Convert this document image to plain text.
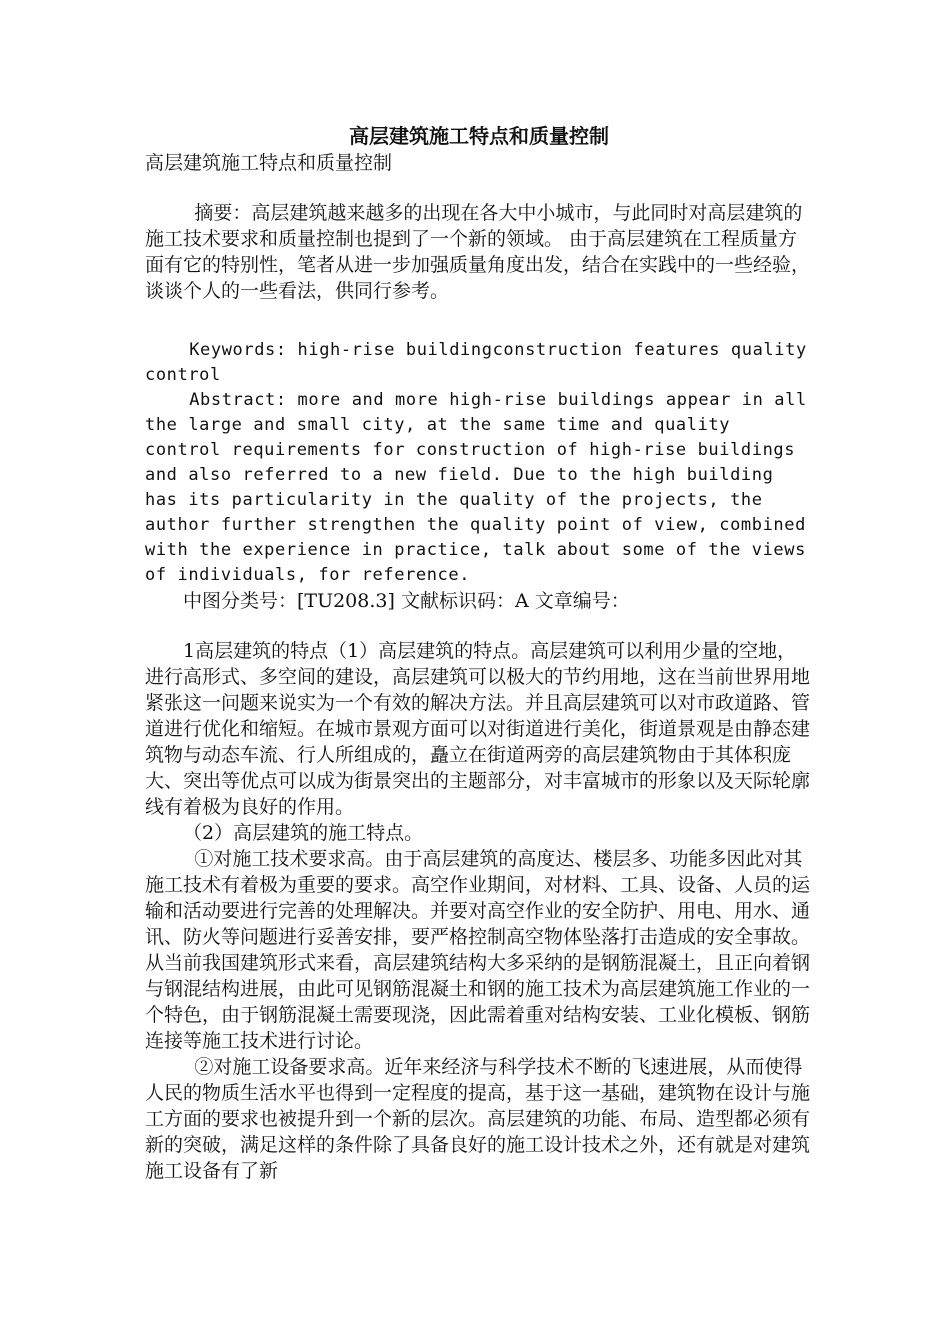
高层建筑施工特点和质量控制

高层建筑施工特点和质量控制

摘要：高层建筑越来越多的出现在各大中小城市，与此同时对高层建筑的施工技术要求和质量控制也提到了一个新的领域。 由于高层建筑在工程质量方面有它的特别性，笔者从进一步加强质量角度出发，结合在实践中的一些经验，谈谈个人的一些看法，供同行参考。

Keywords: high-rise buildingconstruction features quality control

Abstract: more and more high-rise buildings appear in all the large and small city, at the same time and quality control requirements for construction of high-rise buildings and also referred to a new field. Due to the high building has its particularity in the quality of the projects, the author further strengthen the quality point of view, combined with the experience in practice, talk about some of the views of individuals, for reference.

中图分类号：[TU208.3] 文献标识码：A 文章编号：

1高层建筑的特点（1）高层建筑的特点。高层建筑可以利用少量的空地，进行高形式、多空间的建设，高层建筑可以极大的节约用地，这在当前世界用地紧张这一问题来说实为一个有效的解决方法。并且高层建筑可以对市政道路、管道进行优化和缩短。在城市景观方面可以对街道进行美化，街道景观是由静态建筑物与动态车流、行人所组成的，矗立在街道两旁的高层建筑物由于其体积庞大、突出等优点可以成为街景突出的主题部分，对丰富城市的形象以及天际轮廓线有着极为良好的作用。

（2）高层建筑的施工特点。

①对施工技术要求高。由于高层建筑的高度达、楼层多、功能多因此对其施工技术有着极为重要的要求。高空作业期间，对材料、工具、设备、人员的运输和活动要进行完善的处理解决。并要对高空作业的安全防护、用电、用水、通讯、防火等问题进行妥善安排，要严格控制高空物体坠落打击造成的安全事故。从当前我国建筑形式来看，高层建筑结构大多采纳的是钢筋混凝土，且正向着钢与钢混结构进展，由此可见钢筋混凝土和钢的施工技术为高层建筑施工作业的一个特色，由于钢筋混凝土需要现浇，因此需着重对结构安装、工业化模板、钢筋连接等施工技术进行讨论。

②对施工设备要求高。近年来经济与科学技术不断的飞速进展，从而使得人民的物质生活水平也得到一定程度的提高，基于这一基础，建筑物在设计与施工方面的要求也被提升到一个新的层次。高层建筑的功能、布局、造型都必须有新的突破，满足这样的条件除了具备良好的施工设计技术之外，还有就是对建筑施工设备有了新
